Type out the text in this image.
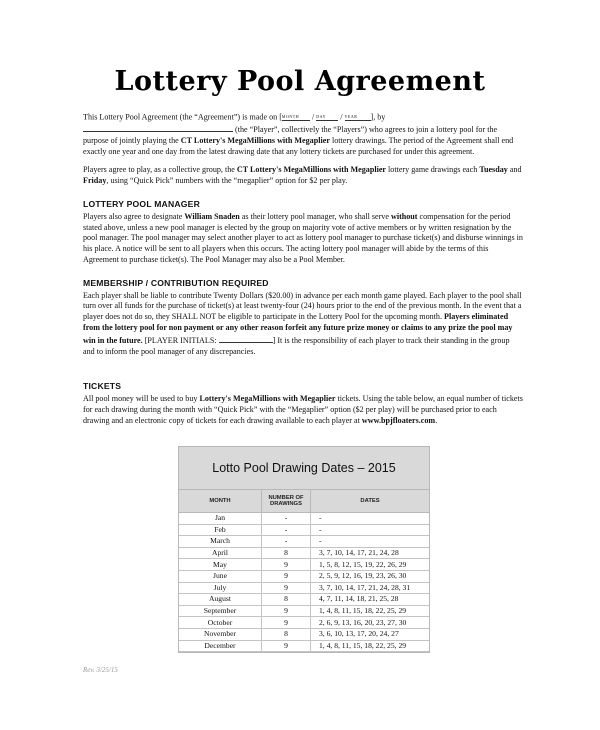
Lottery Pool Agreement

This Lottery Pool Agreement (the “Agreement”) is made on [MONTH / DAY / YEAR ], by  (the “Player”, collectively the “Players”) who agrees to join a lottery pool for the purpose of jointly playing the CT Lottery's MegaMillions with Megaplier lottery drawings. The period of the Agreement shall end exactly one year and one day from the latest drawing date that any lottery tickets are purchased for under this agreement.

Players agree to play, as a collective group, the CT Lottery's MegaMillions with Megaplier lottery game drawings each Tuesday and Friday, using “Quick Pick” numbers with the “megaplier” option for $2 per play.

LOTTERY POOL MANAGER

Players also agree to designate William Snaden as their lottery pool manager, who shall serve without compensation for the period stated above, unless a new pool manager is elected by the group on majority vote of active members or by written resignation by the pool manager. The pool manager may select another player to act as lottery pool manager to purchase ticket(s) and disburse winnings in his place. A notice will be sent to all players when this occurs. The acting lottery pool manager will abide by the terms of this Agreement to purchase ticket(s). The Pool Manager may also be a Pool Member.

MEMBERSHIP / CONTRIBUTION REQUIRED

Each player shall be liable to contribute Twenty Dollars ($20.00) in advance per each month game played. Each player to the pool shall turn over all funds for the purchase of ticket(s) at least twenty-four (24) hours prior to the end of the previous month. In the event that a player does not do so, they SHALL NOT be eligible to participate in the Lottery Pool for the upcoming month. Players eliminated from the lottery pool for non payment or any other reason forfeit any future prize money or claims to any prize the pool may win in the future. [PLAYER INITIALS:	] It is the responsibility of each player to track their standing in the group and to inform the pool manager of any discrepancies.

TICKETS

All pool money will be used to buy Lottery's MegaMillions with Megaplier tickets. Using the table below, an equal number of tickets for each drawing during the month with “Quick Pick” with the “Megaplier” option ($2 per play) will be purchased prior to each drawing and an electronic copy of tickets for each drawing available to each player at www.bpjfloaters.com.

Lotto Pool Drawing Dates – 2015
MONTH	NUMBER OF DRAWINGS	DATES
Jan	-	-
Feb	-	-
March	-	-
April	8	3, 7, 10, 14, 17, 21, 24, 28
May	9	1, 5, 8, 12, 15, 19, 22, 26, 29
June	9	2, 5, 9, 12, 16, 19, 23, 26, 30
July	9	3, 7, 10, 14, 17, 21, 24, 28, 31
August	8	4, 7, 11, 14, 18, 21, 25, 28
September	9	1, 4, 8, 11, 15, 18, 22, 25, 29
October	9	2, 6, 9, 13, 16, 20, 23, 27, 30
November	8	3, 6, 10, 13, 17, 20, 24, 27
December	9	1, 4, 8, 11, 15, 18, 22, 25, 29
Rev. 3/25/15
